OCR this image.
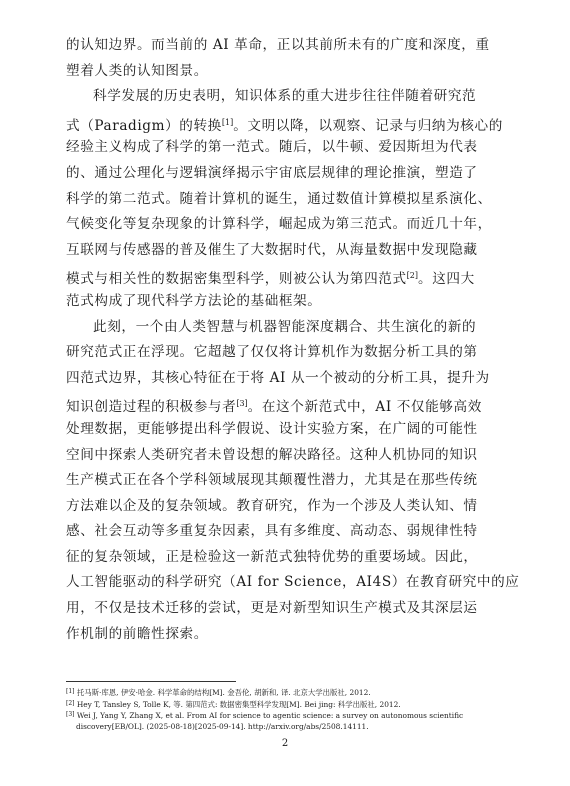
的认知边界。而当前的 AI 革命，正以其前所未有的广度和深度，重
塑着人类的认知图景。
科学发展的历史表明，知识体系的重大进步往往伴随着研究范
式（Paradigm）的转换[1]。文明以降，以观察、记录与归纳为核心的
经验主义构成了科学的第一范式。随后，以牛顿、爱因斯坦为代表
的、通过公理化与逻辑演绎揭示宇宙底层规律的理论推演，塑造了
科学的第二范式。随着计算机的诞生，通过数值计算模拟星系演化、
气候变化等复杂现象的计算科学，崛起成为第三范式。而近几十年，
互联网与传感器的普及催生了大数据时代，从海量数据中发现隐藏
模式与相关性的数据密集型科学，则被公认为第四范式[2]。这四大
范式构成了现代科学方法论的基础框架。
此刻，一个由人类智慧与机器智能深度耦合、共生演化的新的
研究范式正在浮现。它超越了仅仅将计算机作为数据分析工具的第
四范式边界，其核心特征在于将 AI 从一个被动的分析工具，提升为
知识创造过程的积极参与者[3]。在这个新范式中，AI 不仅能够高效
处理数据，更能够提出科学假说、设计实验方案，在广阔的可能性
空间中探索人类研究者未曾设想的解决路径。这种人机协同的知识
生产模式正在各个学科领域展现其颠覆性潜力，尤其是在那些传统
方法难以企及的复杂领域。教育研究，作为一个涉及人类认知、情
感、社会互动等多重复杂因素，具有多维度、高动态、弱规律性特
征的复杂领域，正是检验这一新范式独特优势的重要场域。因此，
人工智能驱动的科学研究（AI for Science，AI4S）在教育研究中的应
用，不仅是技术迁移的尝试，更是对新型知识生产模式及其深层运
作机制的前瞻性探索。
[1] 托马斯·库恩, 伊安·哈金. 科学革命的结构[M]. 金吾伦, 胡新和, 译. 北京大学出版社, 2012.
[2] Hey T, Tansley S, Tolle K, 等. 第四范式: 数据密集型科学发现[M]. Bei jing: 科学出版社, 2012.
[3] Wei J, Yang Y, Zhang X, et al. From AI for science to agentic science: a survey on autonomous scientific
discovery[EB/OL]. (2025-08-18)[2025-09-14]. http://arxiv.org/abs/2508.14111.
2
